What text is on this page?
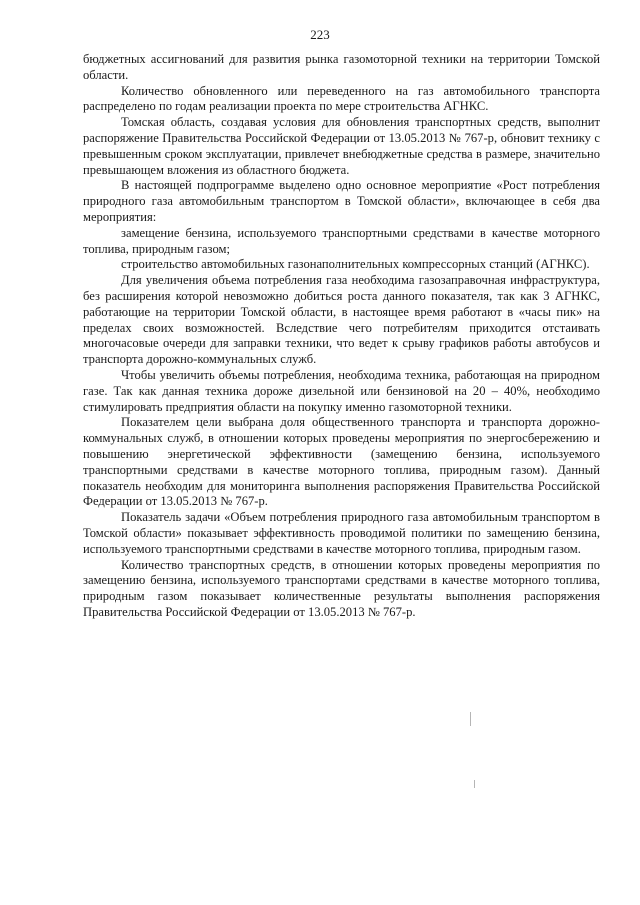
223

бюджетных ассигнований для развития рынка газомоторной техники на территории Томской области.

Количество обновленного или переведенного на газ автомобильного транспорта распределено по годам реализации проекта по мере строительства АГНКС.

Томская область, создавая условия для обновления транспортных средств, выполнит распоряжение Правительства Российской Федерации от 13.05.2013 № 767-р, обновит технику с превышенным сроком эксплуатации, привлечет внебюджетные средства в размере, значительно превышающем вложения из областного бюджета.

В настоящей подпрограмме выделено одно основное мероприятие «Рост потребления природного газа автомобильным транспортом в Томской области», включающее в себя два мероприятия:

замещение бензина, используемого транспортными средствами в качестве моторного топлива, природным газом;

строительство автомобильных газонаполнительных компрессорных станций (АГНКС).

Для увеличения объема потребления газа необходима газозаправочная инфраструктура, без расширения которой невозможно добиться роста данного показателя, так как 3 АГНКС, работающие на территории Томской области, в настоящее время работают в «часы пик» на пределах своих возможностей. Вследствие чего потребителям приходится отстаивать многочасовые очереди для заправки техники, что ведет к срыву графиков работы автобусов и транспорта дорожно-коммунальных служб.

Чтобы увеличить объемы потребления, необходима техника, работающая на природном газе. Так как данная техника дороже дизельной или бензиновой на 20 – 40%, необходимо стимулировать предприятия области на покупку именно газомоторной техники.

Показателем цели выбрана доля общественного транспорта и транспорта дорожно-коммунальных служб, в отношении которых проведены мероприятия по энергосбережению и повышению энергетической эффективности (замещению бензина, используемого транспортными средствами в качестве моторного топлива, природным газом). Данный показатель необходим для мониторинга выполнения распоряжения Правительства Российской Федерации от 13.05.2013 № 767-р.

Показатель задачи «Объем потребления природного газа автомобильным транспортом в Томской области» показывает эффективность проводимой политики по замещению бензина, используемого транспортными средствами в качестве моторного топлива, природным газом.

Количество транспортных средств, в отношении которых проведены мероприятия по замещению бензина, используемого транспортами средствами в качестве моторного топлива, природным газом показывает количественные результаты выполнения распоряжения Правительства Российской Федерации от 13.05.2013 № 767-р.
